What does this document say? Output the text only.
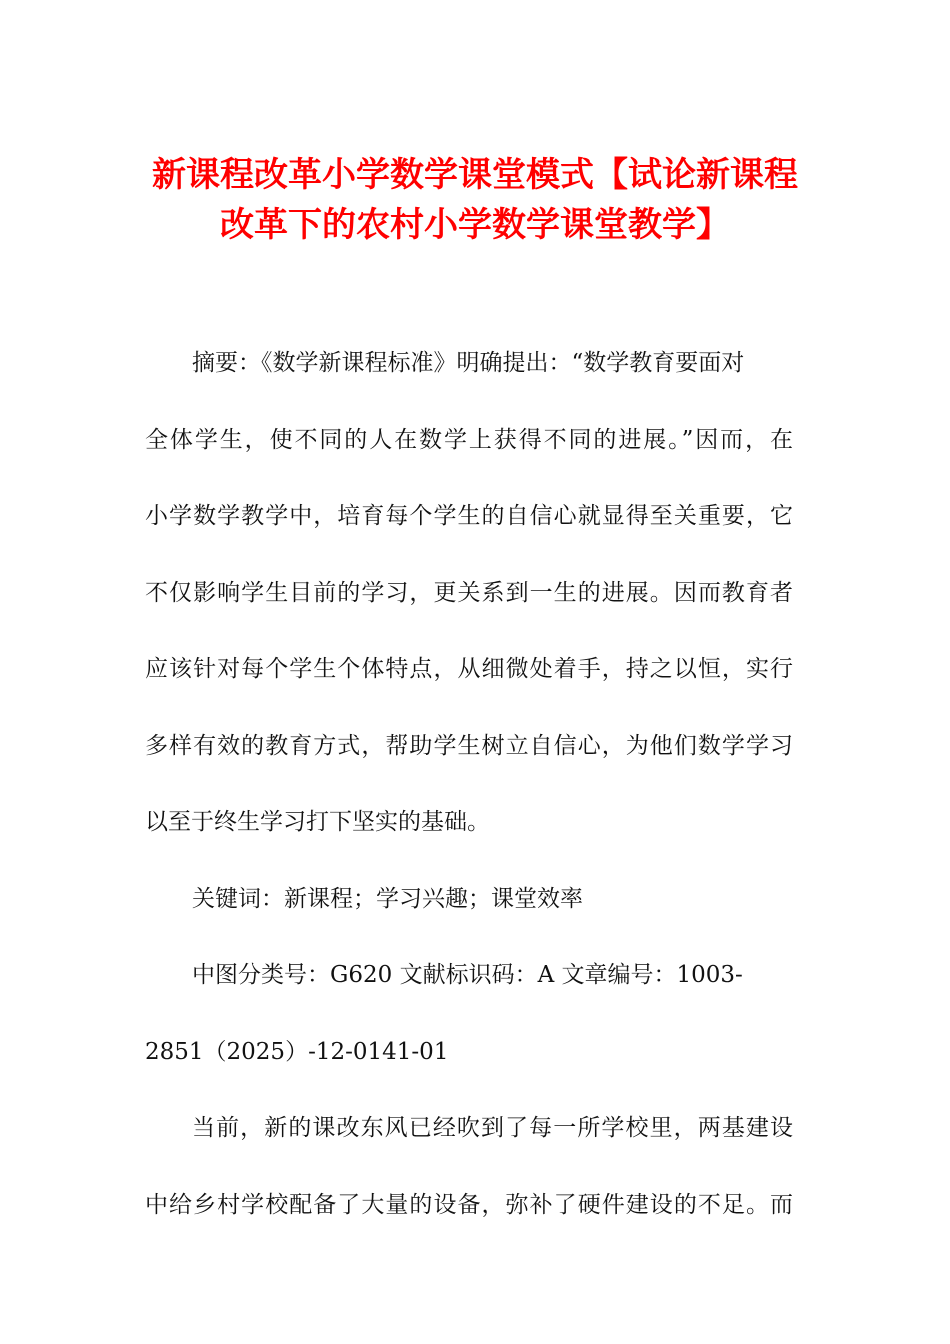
新课程改革小学数学课堂模式【试论新课程
改革下的农村小学数学课堂教学】
摘要：《数学新课程标准》明确提出：“数学教育要面对
全体学生，使不同的人在数学上获得不同的进展。”因而，在
小学数学教学中，培育每个学生的自信心就显得至关重要，它
不仅影响学生目前的学习，更关系到一生的进展。因而教育者
应该针对每个学生个体特点，从细微处着手，持之以恒，实行
多样有效的教育方式，帮助学生树立自信心，为他们数学学习
以至于终生学习打下坚实的基础。
关键词：新课程；学习兴趣；课堂效率
中图分类号：G620 文献标识码：A 文章编号：1003-
2851（2025）-12-0141-01
当前，新的课改东风已经吹到了每一所学校里，两基建设
中给乡村学校配备了大量的设备，弥补了硬件建设的不足。而
